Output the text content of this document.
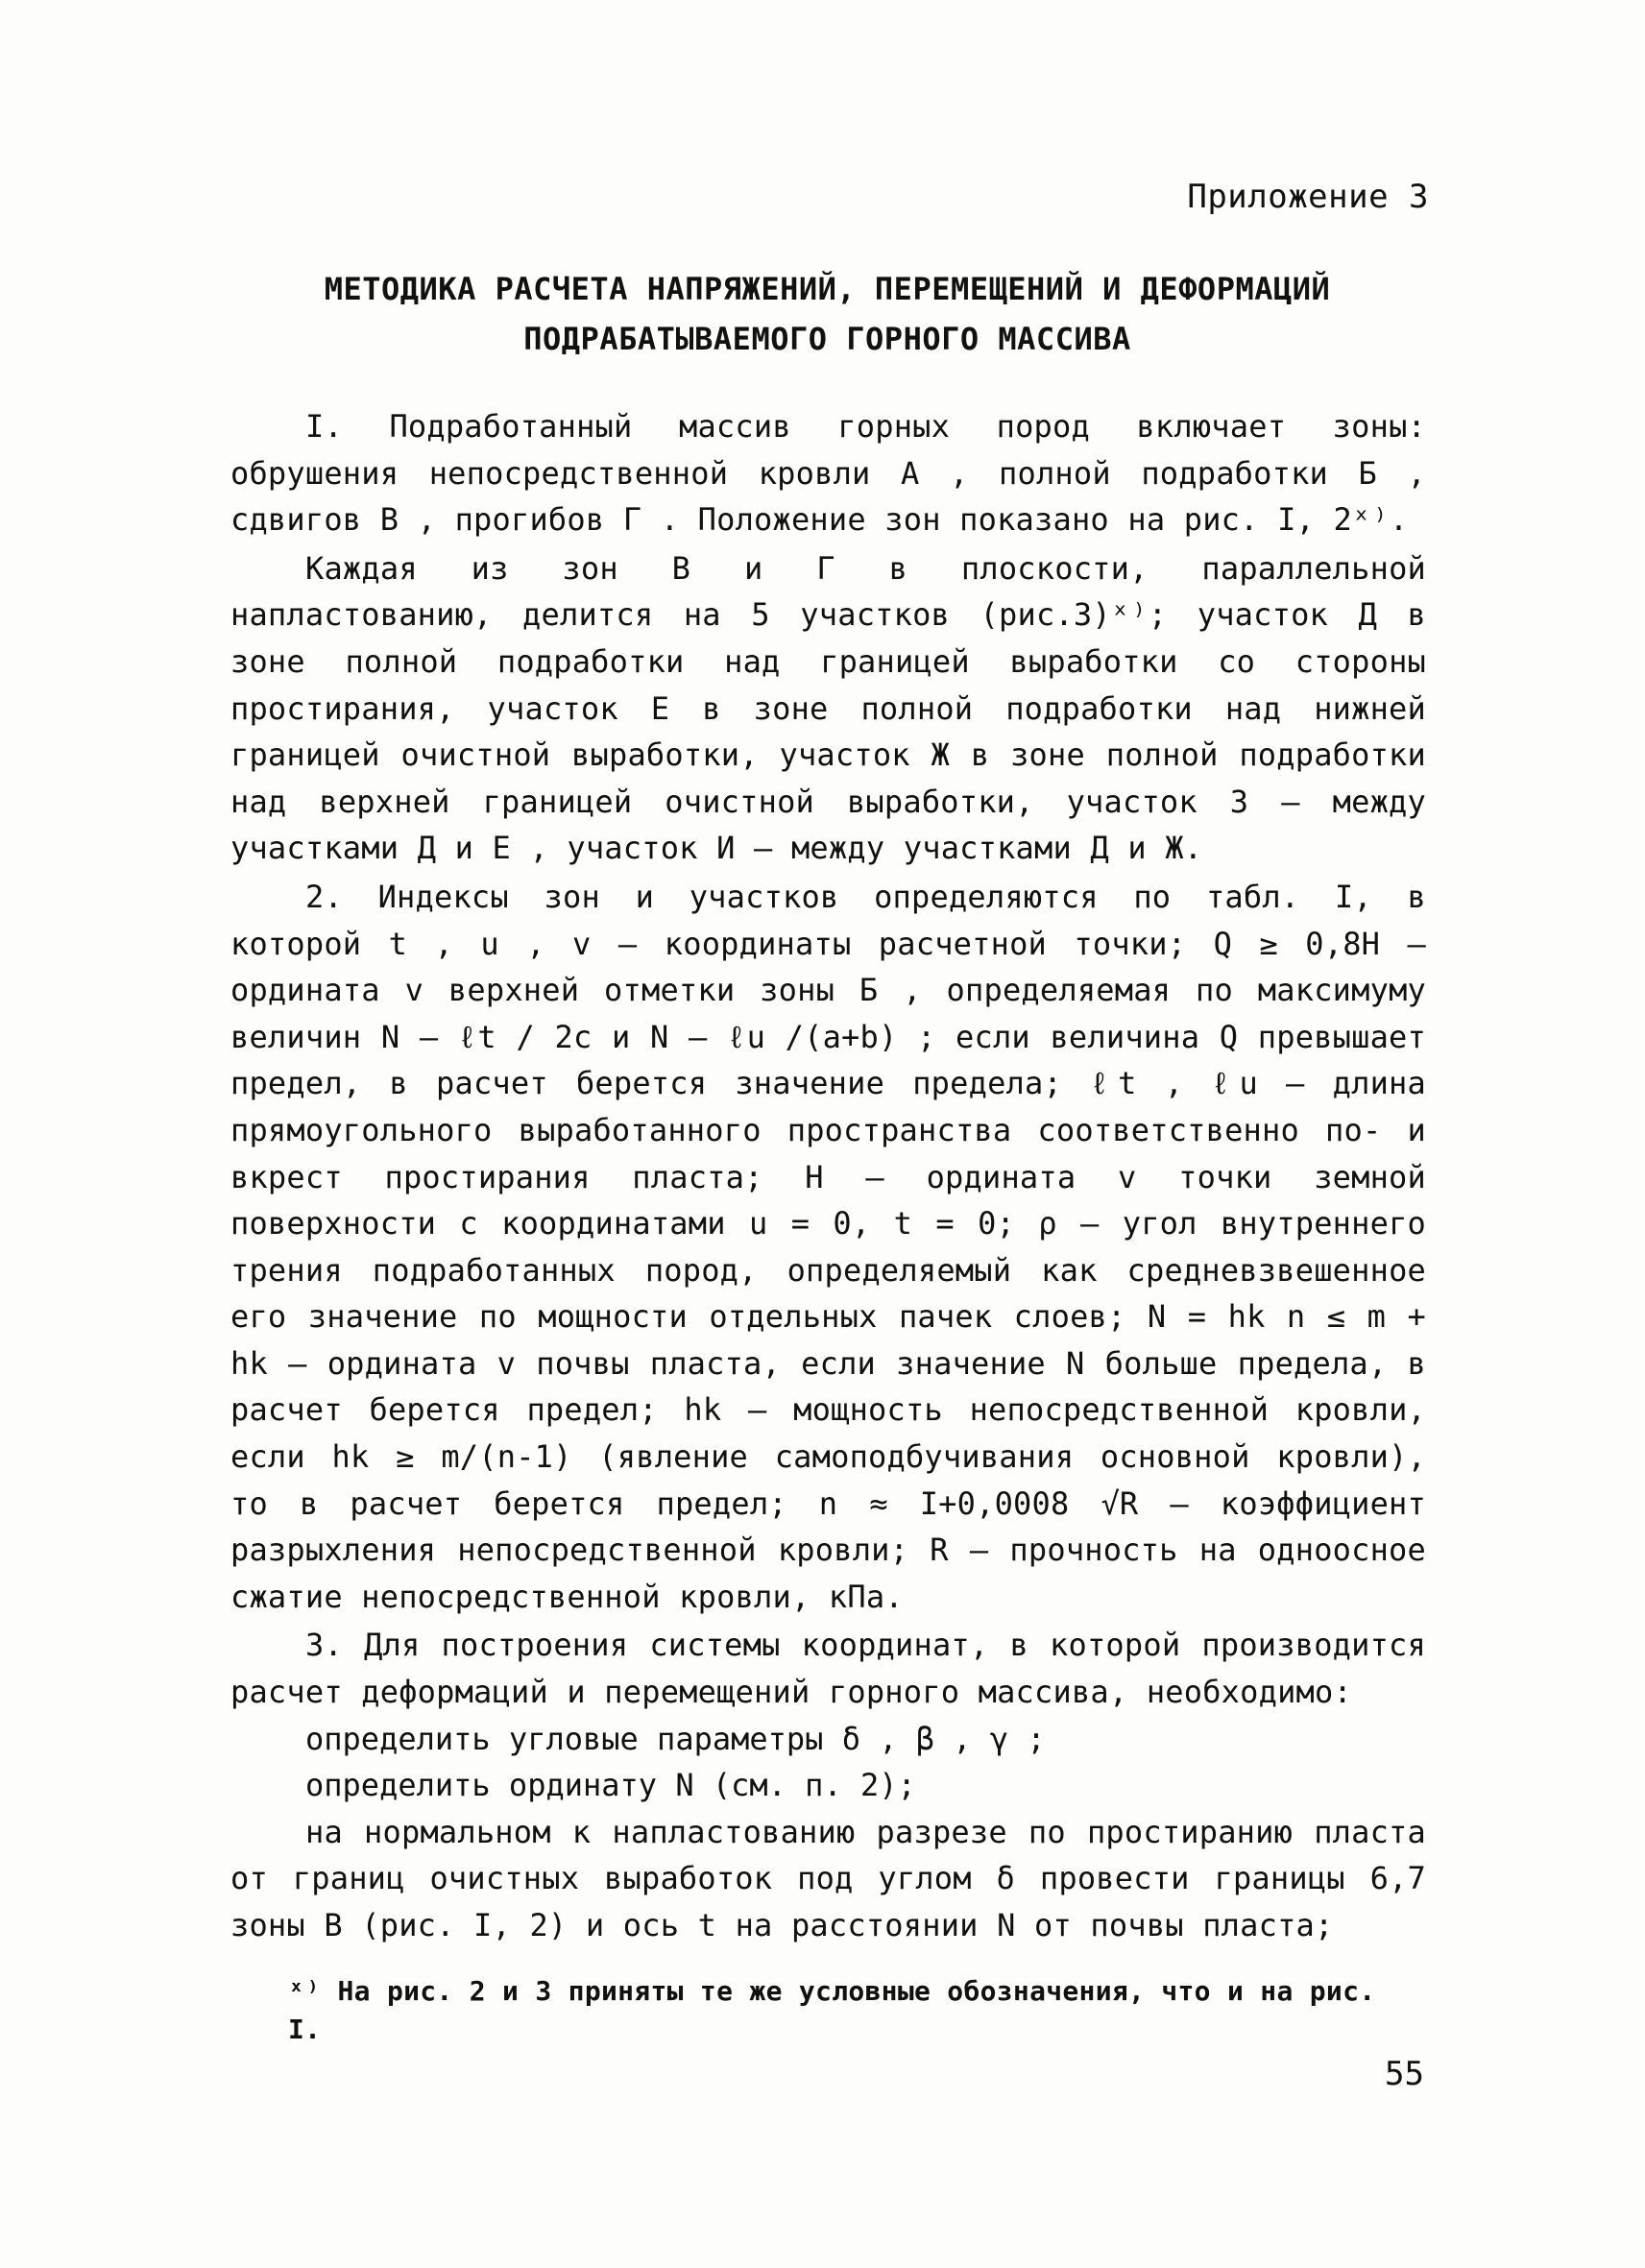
Приложение 3
МЕТОДИКА РАСЧЕТА НАПРЯЖЕНИЙ, ПЕРЕМЕЩЕНИЙ И ДЕФОРМАЦИЙ
ПОДРАБАТЫВАЕМОГО ГОРНОГО МАССИВА

I. Подработанный массив горных пород включает зоны: обрушения непосредственной кровли А , полной подработки Б , сдвигов В , прогибов Г . Положение зон показано на рис. I, 2ˣ⁾.

Каждая из зон В и Г в плоскости, параллельной напластованию, делится на 5 участков (рис.3)ˣ⁾; участок Д в зоне полной подработки над границей выработки со стороны простирания, участок Е в зоне полной подработки над нижней границей очистной выработки, участок Ж в зоне полной подработки над верхней границей очистной выработки, участок 3 – между участками Д и Е , участок И – между участками Д и Ж.

2. Индексы зон и участков определяются по табл. I, в которой t , u , v – координаты расчетной точки; Q ≥ 0,8H – ордината v верхней отметки зоны Б , определяемая по максимуму величин N – ℓt / 2c и N – ℓu /(a+b) ; если величина Q превышает предел, в расчет берется значение предела; ℓt , ℓu – длина прямоугольного выработанного пространства соответственно по- и вкрест простирания пласта; H – ордината v точки земной поверхности с координатами u = 0, t = 0; ρ – угол внутреннего трения подработанных пород, определяемый как средневзвешенное его значение по мощности отдельных пачек слоев; N = hk n ≤ m + hk – ордината v почвы пласта, если значение N больше предела, в расчет берется предел; hk – мощность непосредственной кровли, если hk ≥ m/(n-1) (явление самоподбучивания основной кровли), то в расчет берется предел; n ≈ I+0,0008 √R – коэффициент разрыхления непосредственной кровли; R – прочность на одноосное сжатие непосредственной кровли, кПа.

3. Для построения системы координат, в которой производится расчет деформаций и перемещений горного массива, необходимо:

определить угловые параметры δ , β , γ ;

определить ординату N (см. п. 2);

на нормальном к напластованию разрезе по простиранию пласта от границ очистных выработок под углом δ провести границы 6,7 зоны В (рис. I, 2) и ось t на расстоянии N от почвы пласта;

ˣ⁾ На рис. 2 и 3 приняты те же условные обозначения, что и на рис. I.
55
